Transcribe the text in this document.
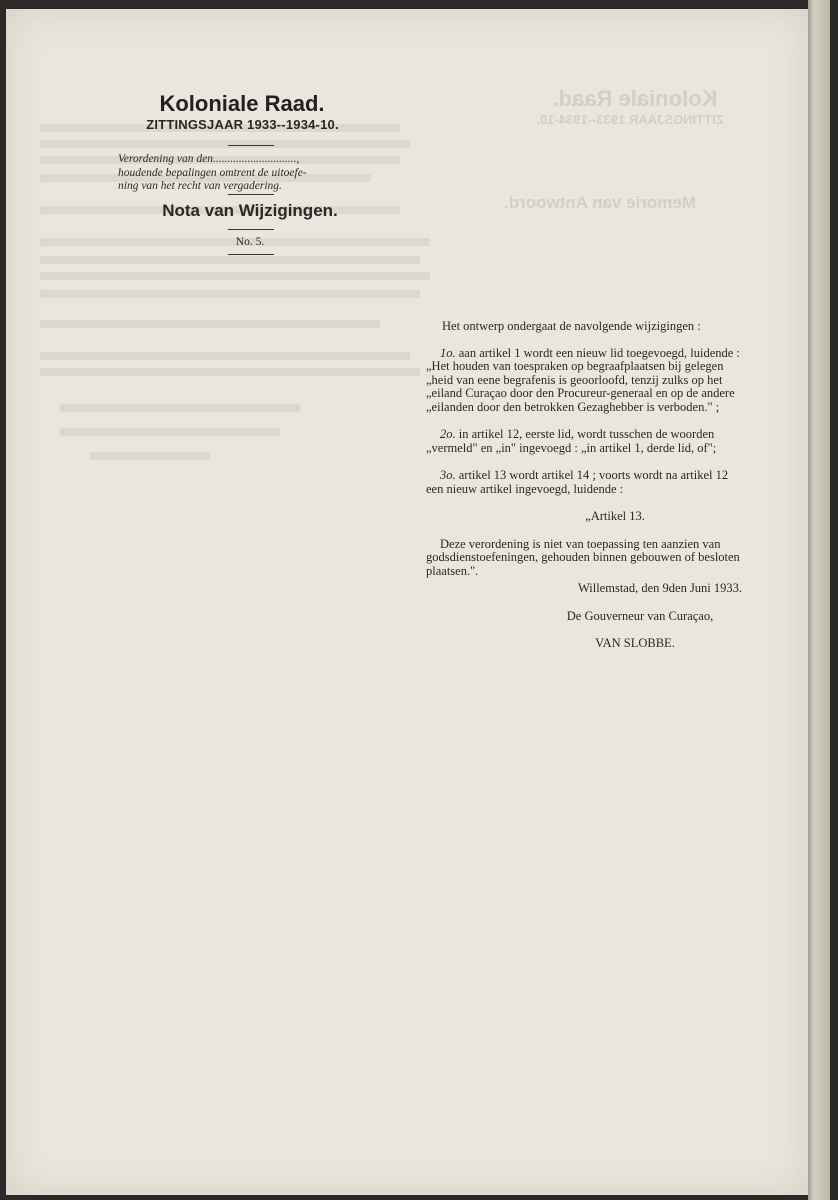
Koloniale Raad.
ZITTINGSJAAR 1933--1934-10.
Verordening van den.............................,
houdende bepalingen omtrent de uitoefe-
ning van het recht van vergadering.
Nota van Wijzigingen.
No. 5.

Het ontwerp ondergaat de navolgende wijzigingen :

1o. aan artikel 1 wordt een nieuw lid toegevoegd, luidende :

„Het houden van toespraken op begraafplaatsen bij gelegen

„heid van eene begrafenis is geoorloofd, tenzij zulks op het

„eiland Curaçao door den Procureur-generaal en op de andere

„eilanden door den betrokken Gezaghebber is verboden." ;

2o. in artikel 12, eerste lid, wordt tusschen de woorden

„vermeld" en „in" ingevoegd : „in artikel 1, derde lid, of";

3o. artikel 13 wordt artikel 14 ; voorts wordt na artikel 12

een nieuw artikel ingevoegd, luidende :

„Artikel 13.

Deze verordening is niet van toepassing ten aanzien van

godsdienstoefeningen, gehouden binnen gebouwen of besloten

plaatsen.".

Willemstad, den 9den Juni 1933.

De Gouverneur van Curaçao,

VAN SLOBBE.
